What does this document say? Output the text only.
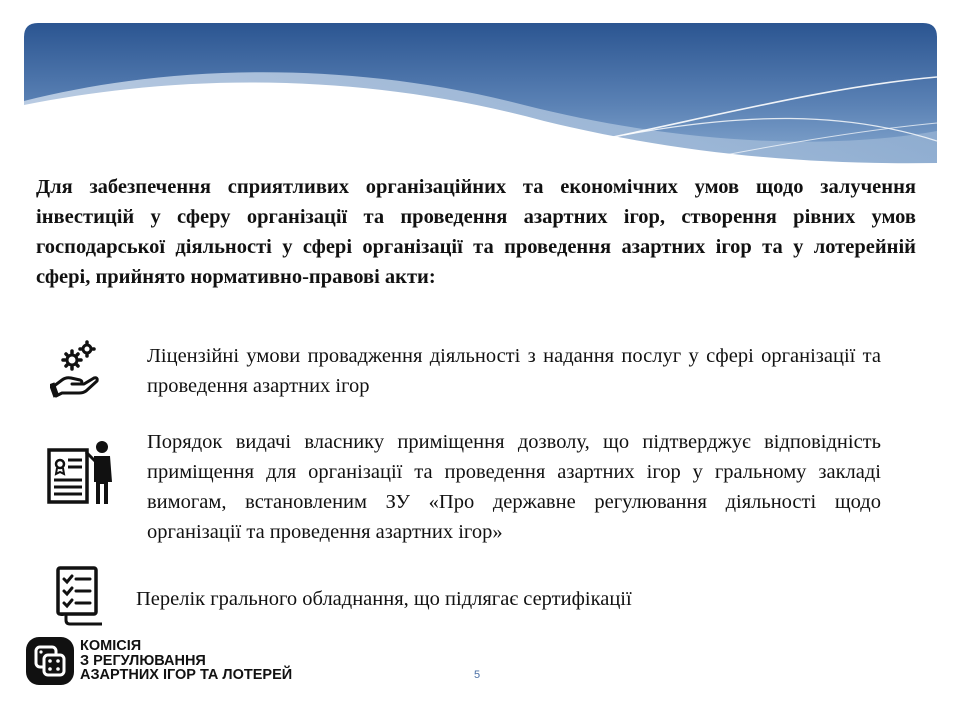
Для забезпечення сприятливих організаційних та економічних умов щодо залучення інвестицій у сферу організації та проведення азартних ігор, створення рівних умов господарської діяльності у сфері організації та проведення азартних ігор та у лотерейній сфері, прийнято нормативно-правові акти:

Ліцензійні умови провадження діяльності з надання послуг у сфері організації та проведення азартних ігор

Порядок видачі власнику приміщення дозволу, що підтверджує відповідність приміщення для організації та проведення азартних ігор у гральному закладі вимогам, встановленим ЗУ «Про державне регулювання діяльності щодо організації та проведення азартних ігор»

Перелік грального обладнання, що підлягає сертифікації

КОМІСІЯ
З РЕГУЛЮВАННЯ
АЗАРТНИХ ІГОР ТА ЛОТЕРЕЙ	5
